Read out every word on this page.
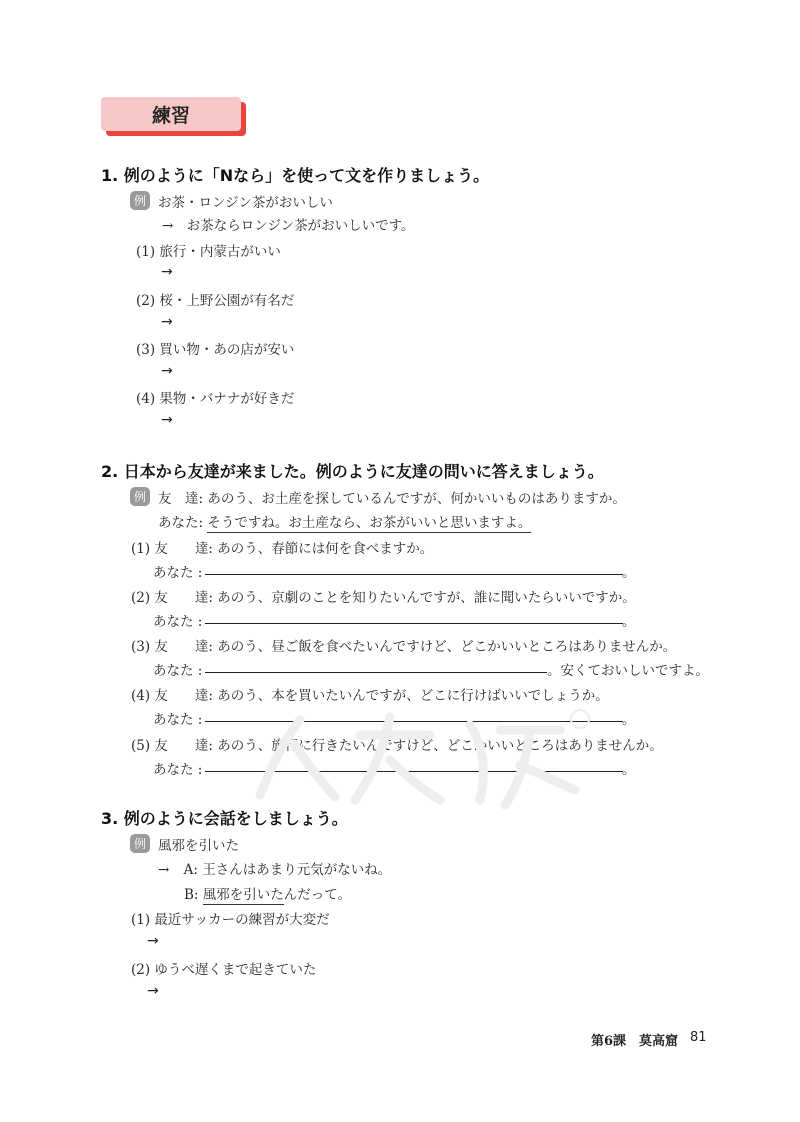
練習
1. 例のように「Nなら」を使って文を作りましょう。
例 お茶・ロンジン茶がおいしい
→　お茶ならロンジン茶がおいしいです。
(1) 旅行・内蒙古がいい
→
(2) 桜・上野公園が有名だ
→
(3) 買い物・あの店が安い
→
(4) 果物・バナナが好きだ
→
2. 日本から友達が来ました。例のように友達の問いに答えましょう。
例 友　達: あのう、お土産を探しているんですが、何かいいものはありますか。
あなた: そうですね。お土産なら、お茶がいいと思いますよ。
(1) 友　　達: あのう、春節には何を食べますか。
あなた :	。
(2) 友　　達: あのう、京劇のことを知りたいんですが、誰に聞いたらいいですか。
あなた :	。
(3) 友　　達: あのう、昼ご飯を食べたいんですけど、どこかいいところはありませんか。
あなた :	。安くておいしいですよ。
(4) 友　　達: あのう、本を買いたいんですが、どこに行けばいいでしょうか。
あなた :	。
(5) 友　　達: あのう、旅行に行きたいんですけど、どこかいいところはありませんか。
あなた :	。
3. 例のように会話をしましょう。
例 風邪を引いた
→ A: 王さんはあまり元気がないね。
B: 風邪を引いたんだって。
(1) 最近サッカーの練習が大変だ
→
(2) ゆうべ遅くまで起きていた
→
第6課　莫高窟 81
